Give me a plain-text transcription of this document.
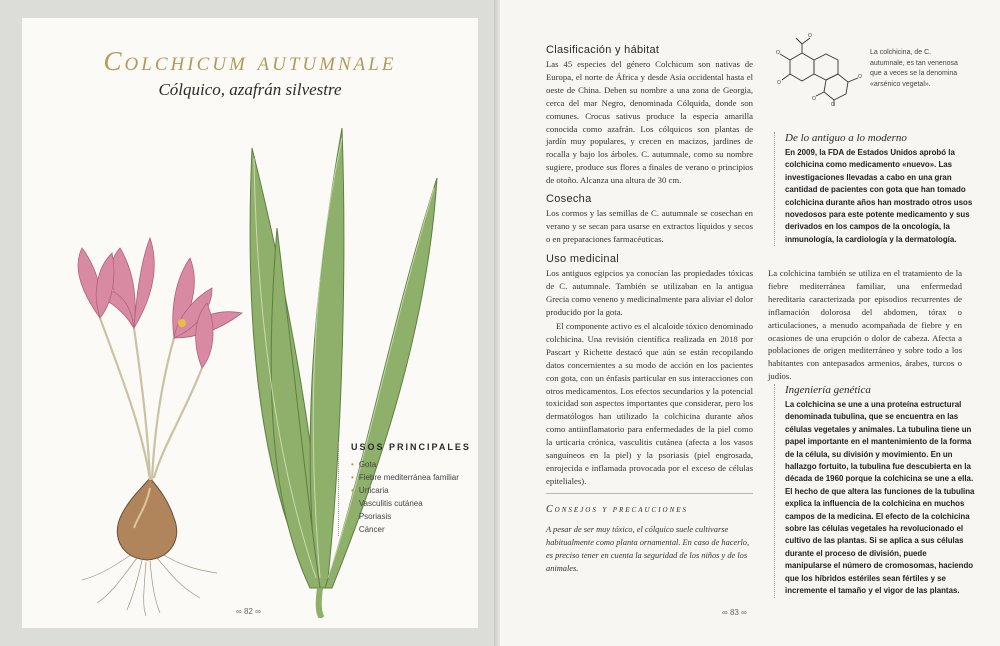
Colchicum autumnale
Cólquico, azafrán silvestre
USOS PRINCIPALES
• Gota
• Fiebre mediterránea familiar
• Urticaria
• Vasculitis cutánea
• Psoriasis
• Cáncer
∞ 82 ∞
Clasificación y hábitat

Las 45 especies del género Colchicum son nativas de Europa, el norte de África y desde Asia occidental hasta el oeste de China. Deben su nombre a una zona de Georgia, cerca del mar Negro, denominada Cólquida, donde son comunes. Crocus sativus produce la especia amarilla conocida como azafrán. Los cólquicos son plantas de jardín muy populares, y crecen en macizos, jardines de rocalla y bajo los árboles. C. autumnale, como su nombre sugiere, produce sus flores a finales de verano o principios de otoño. Alcanza una altura de 30 cm.

Cosecha

Los cormos y las semillas de C. autumnale se cosechan en verano y se secan para usarse en extractos líquidos y secos o en preparaciones farmacéuticas.

Uso medicinal

Los antiguos egipcios ya conocían las propiedades tóxicas de C. autumnale. También se utilizaban en la antigua Grecia como veneno y medicinalmente para aliviar el dolor producido por la gota.

El componente activo es el alcaloide tóxico denominado colchicina. Una revisión científica realizada en 2018 por Pascart y Richette destacó que aún se están recopilando datos concernientes a su modo de acción en los pacientes con gota, con un énfasis particular en sus interacciones con otros medicamentos. Los efectos secundarios y la potencial toxicidad son aspectos importantes que considerar, pero los dermatólogos han utilizado la colchicina durante años como antiinflamatorio para enfermedades de la piel como la urticaria crónica, vasculitis cutánea (afecta a los vasos sanguíneos en la piel) y la psoriasis (piel engrosada, enrojecida e inflamada provocada por el exceso de células epiteliales).

Consejos y precauciones
A pesar de ser muy tóxico, el cólquico suele cultivarse habitualmente como planta ornamental. En caso de hacerlo, es preciso tener en cuenta la seguridad de los niños y de los animales.
O
O
O
O
O
O
La colchicina, de C. autumnale, es tan venenosa que a veces se la denomina «arsénico vegetal».
De lo antiguo a lo moderno
En 2009, la FDA de Estados Unidos aprobó la colchicina como medicamento «nuevo». Las investigaciones llevadas a cabo en una gran cantidad de pacientes con gota que han tomado colchicina durante años han mostrado otros usos novedosos para este potente medicamento y sus derivados en los campos de la oncología, la inmunología, la cardiología y la dermatología.

La colchicina también se utiliza en el tratamiento de la fiebre mediterránea familiar, una enfermedad hereditaria caracterizada por episodios recurrentes de inflamación dolorosa del abdomen, tórax o articulaciones, a menudo acompañada de fiebre y en ocasiones de una erupción o dolor de cabeza. Afecta a poblaciones de origen mediterráneo y sobre todo a los habitantes con antepasados armenios, árabes, turcos o judíos.

Ingeniería genética
La colchicina se une a una proteína estructural denominada tubulina, que se encuentra en las células vegetales y animales. La tubulina tiene un papel importante en el mantenimiento de la forma de la célula, su división y movimiento. En un hallazgo fortuito, la tubulina fue descubierta en la década de 1960 porque la colchicina se une a ella. El hecho de que altera las funciones de la tubulina explica la influencia de la colchicina en muchos campos de la medicina. El efecto de la colchicina sobre las células vegetales ha revolucionado el cultivo de las plantas. Si se aplica a sus células durante el proceso de división, puede manipularse el número de cromosomas, haciendo que los híbridos estériles sean fértiles y se incremente el tamaño y el vigor de las plantas.
∞ 83 ∞
